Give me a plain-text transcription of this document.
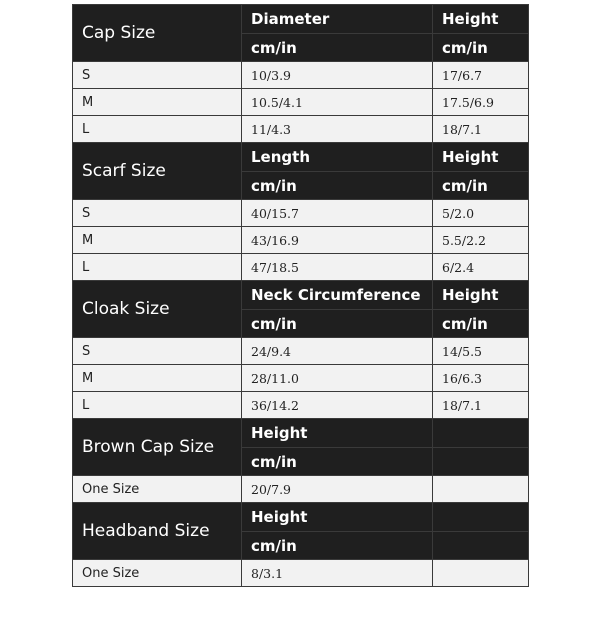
Cap Size	Diameter	Height
	cm/in	cm/in
S	10/3.9	17/6.7
M	10.5/4.1	17.5/6.9
L	11/4.3	18/7.1
Scarf Size	Length	Height
	cm/in	cm/in
S	40/15.7	5/2.0
M	43/16.9	5.5/2.2
L	47/18.5	6/2.4
Cloak Size	Neck Circumference	Height
	cm/in	cm/in
S	24/9.4	14/5.5
M	28/11.0	16/6.3
L	36/14.2	18/7.1
Brown Cap Size	Height	
	cm/in	
One Size	20/7.9	
Headband Size	Height	
	cm/in	
One Size	8/3.1	
